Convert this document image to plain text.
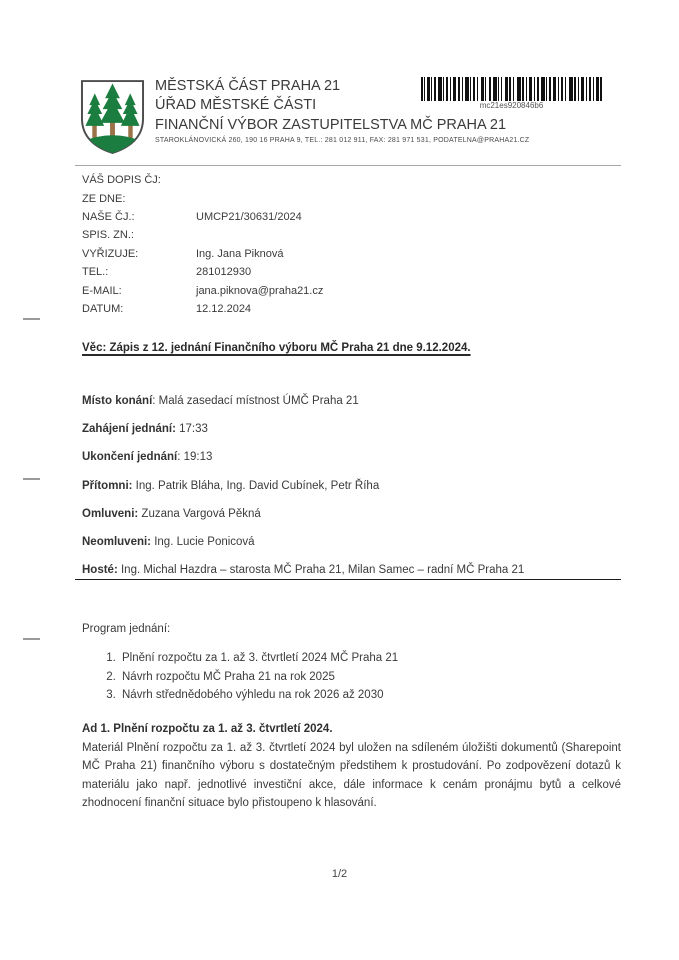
MĚSTSKÁ ČÁST PRAHA 21
ÚŘAD MĚSTSKÉ ČÁSTI
FINANČNÍ VÝBOR ZASTUPITELSTVA MČ PRAHA 21
STAROKLÁNOVICKÁ 260, 190 16 PRAHA 9, TEL.: 281 012 911, FAX: 281 971 531, PODATELNA@PRAHA21.CZ
mc21es920846b6
VÁŠ DOPIS ČJ:
ZE DNE:
NAŠE ČJ.:	UMCP21/30631/2024
SPIS. ZN.:
VYŘIZUJE:	Ing. Jana Piknová
TEL.:	281012930
E-MAIL:	jana.piknova@praha21.cz
DATUM:	12.12.2024
Věc: Zápis z 12. jednání Finančního výboru MČ Praha 21 dne 9.12.2024.
Místo konání: Malá zasedací místnost ÚMČ Praha 21
Zahájení jednání: 17:33
Ukončení jednání: 19:13
Přítomni: Ing. Patrik Bláha, Ing. David Cubínek, Petr Říha
Omluveni: Zuzana Vargová Pěkná
Neomluveni: Ing. Lucie Ponicová
Hosté: Ing. Michal Hazdra – starosta MČ Praha 21, Milan Samec – radní MČ Praha 21
Program jednání:
1. Plnění rozpočtu za 1. až 3. čtvrtletí 2024 MČ Praha 21
2. Návrh rozpočtu MČ Praha 21 na rok 2025
3. Návrh střednědobého výhledu na rok 2026 až 2030
Ad 1. Plnění rozpočtu za 1. až 3. čtvrtletí 2024.

Materiál Plnění rozpočtu za 1. až 3. čtvrtletí 2024 byl uložen na sdíleném úložišti dokumentů (Sharepoint MČ Praha 21) finančního výboru s dostatečným předstihem k prostudování. Po zodpovězení dotazů k materiálu jako např. jednotlivé investiční akce, dále informace k cenám pronájmu bytů a celkové zhodnocení finanční situace bylo přistoupeno k hlasování.

1/2
